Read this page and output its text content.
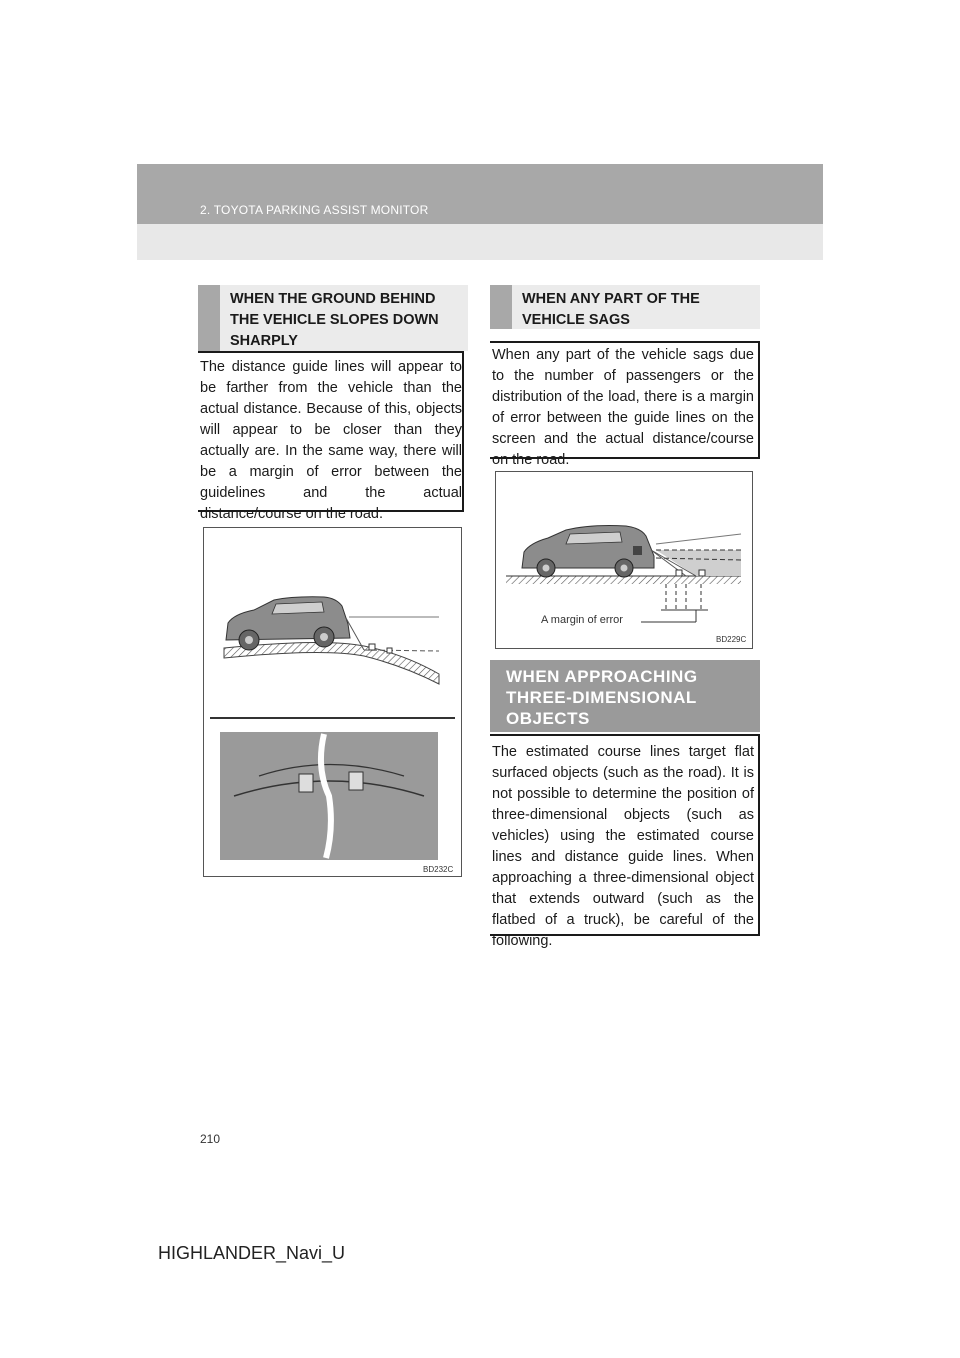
2. TOYOTA PARKING ASSIST MONITOR
WHEN THE GROUND BEHIND
THE VEHICLE SLOPES DOWN
SHARPLY

The distance guide lines will appear to be farther from the vehicle than the actual distance. Because of this, objects will appear to be closer than they actually are. In the same way, there will be a margin of error between the guidelines and the actual distance/course on the road.

BD232C
WHEN ANY PART OF THE
VEHICLE SAGS

When any part of the vehicle sags due to the number of passengers or the distribution of the load, there is a margin of error between the guide lines on the screen and the actual distance/course on the road.

A margin of error
BD229C
WHEN APPROACHING
THREE-DIMENSIONAL
OBJECTS

The estimated course lines target flat surfaced objects (such as the road). It is not possible to determine the position of three-dimensional objects (such as vehicles) using the estimated course lines and distance guide lines. When approaching a three-dimensional object that extends outward (such as the flatbed of a truck), be careful of the following.

210
HIGHLANDER_Navi_U
